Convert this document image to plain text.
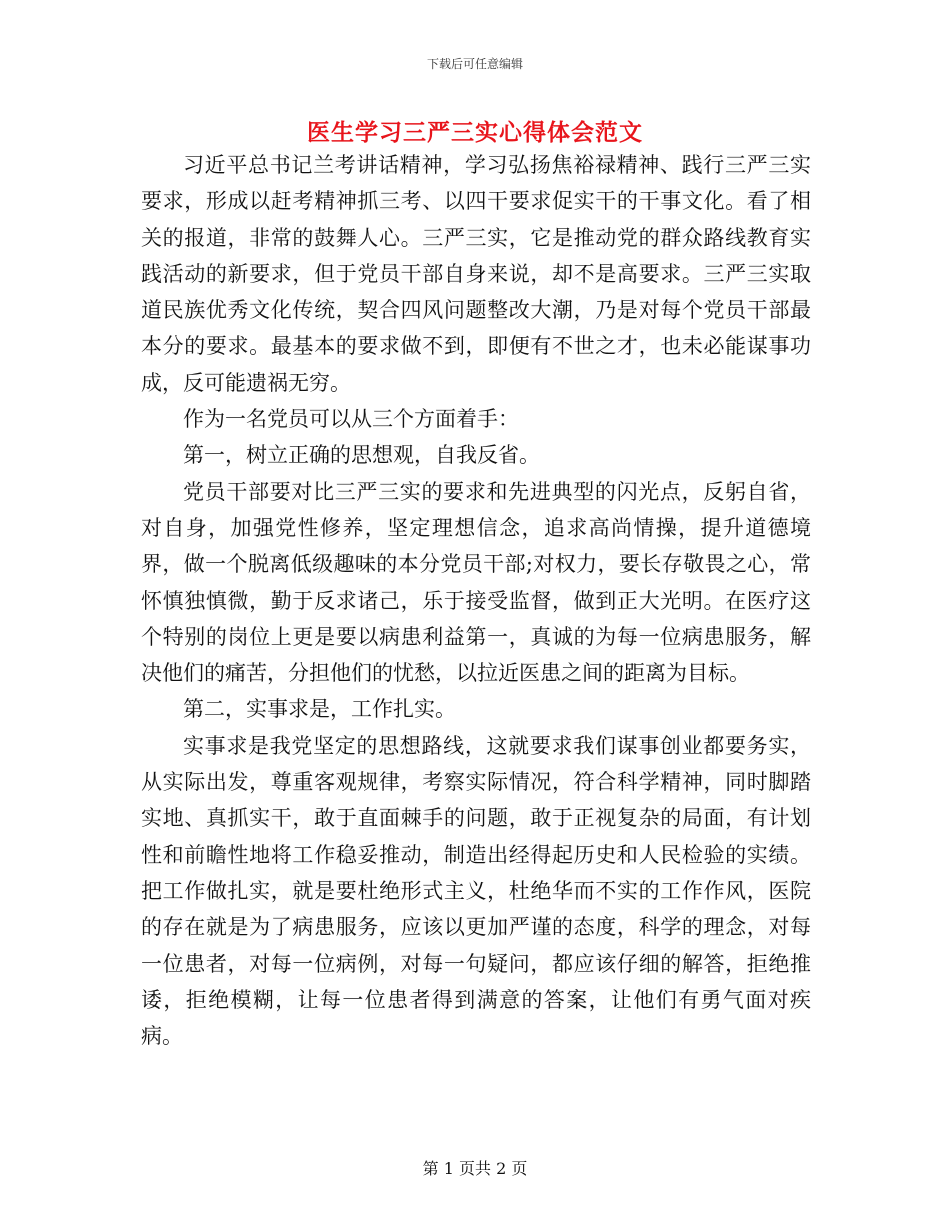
下载后可任意编辑
医生学习三严三实心得体会范文

习近平总书记兰考讲话精神，学习弘扬焦裕禄精神、践行三严三实要求，形成以赶考精神抓三考、以四干要求促实干的干事文化。看了相关的报道，非常的鼓舞人心。三严三实，它是推动党的群众路线教育实践活动的新要求，但于党员干部自身来说，却不是高要求。三严三实取道民族优秀文化传统，契合四风问题整改大潮，乃是对每个党员干部最本分的要求。最基本的要求做不到，即便有不世之才，也未必能谋事功成，反可能遗祸无穷。

作为一名党员可以从三个方面着手：

第一，树立正确的思想观，自我反省。

党员干部要对比三严三实的要求和先进典型的闪光点，反躬自省，对自身，加强党性修养，坚定理想信念，追求高尚情操，提升道德境界，做一个脱离低级趣味的本分党员干部;对权力，要长存敬畏之心，常怀慎独慎微，勤于反求诸己，乐于接受监督，做到正大光明。在医疗这个特别的岗位上更是要以病患利益第一，真诚的为每一位病患服务，解决他们的痛苦，分担他们的忧愁，以拉近医患之间的距离为目标。

第二，实事求是，工作扎实。

实事求是我党坚定的思想路线，这就要求我们谋事创业都要务实，从实际出发，尊重客观规律，考察实际情况，符合科学精神，同时脚踏实地、真抓实干，敢于直面棘手的问题，敢于正视复杂的局面，有计划性和前瞻性地将工作稳妥推动，制造出经得起历史和人民检验的实绩。把工作做扎实，就是要杜绝形式主义，杜绝华而不实的工作作风，医院的存在就是为了病患服务，应该以更加严谨的态度，科学的理念，对每一位患者，对每一位病例，对每一句疑问，都应该仔细的解答，拒绝推诿，拒绝模糊，让每一位患者得到满意的答案，让他们有勇气面对疾病。

第 1 页共 2 页
